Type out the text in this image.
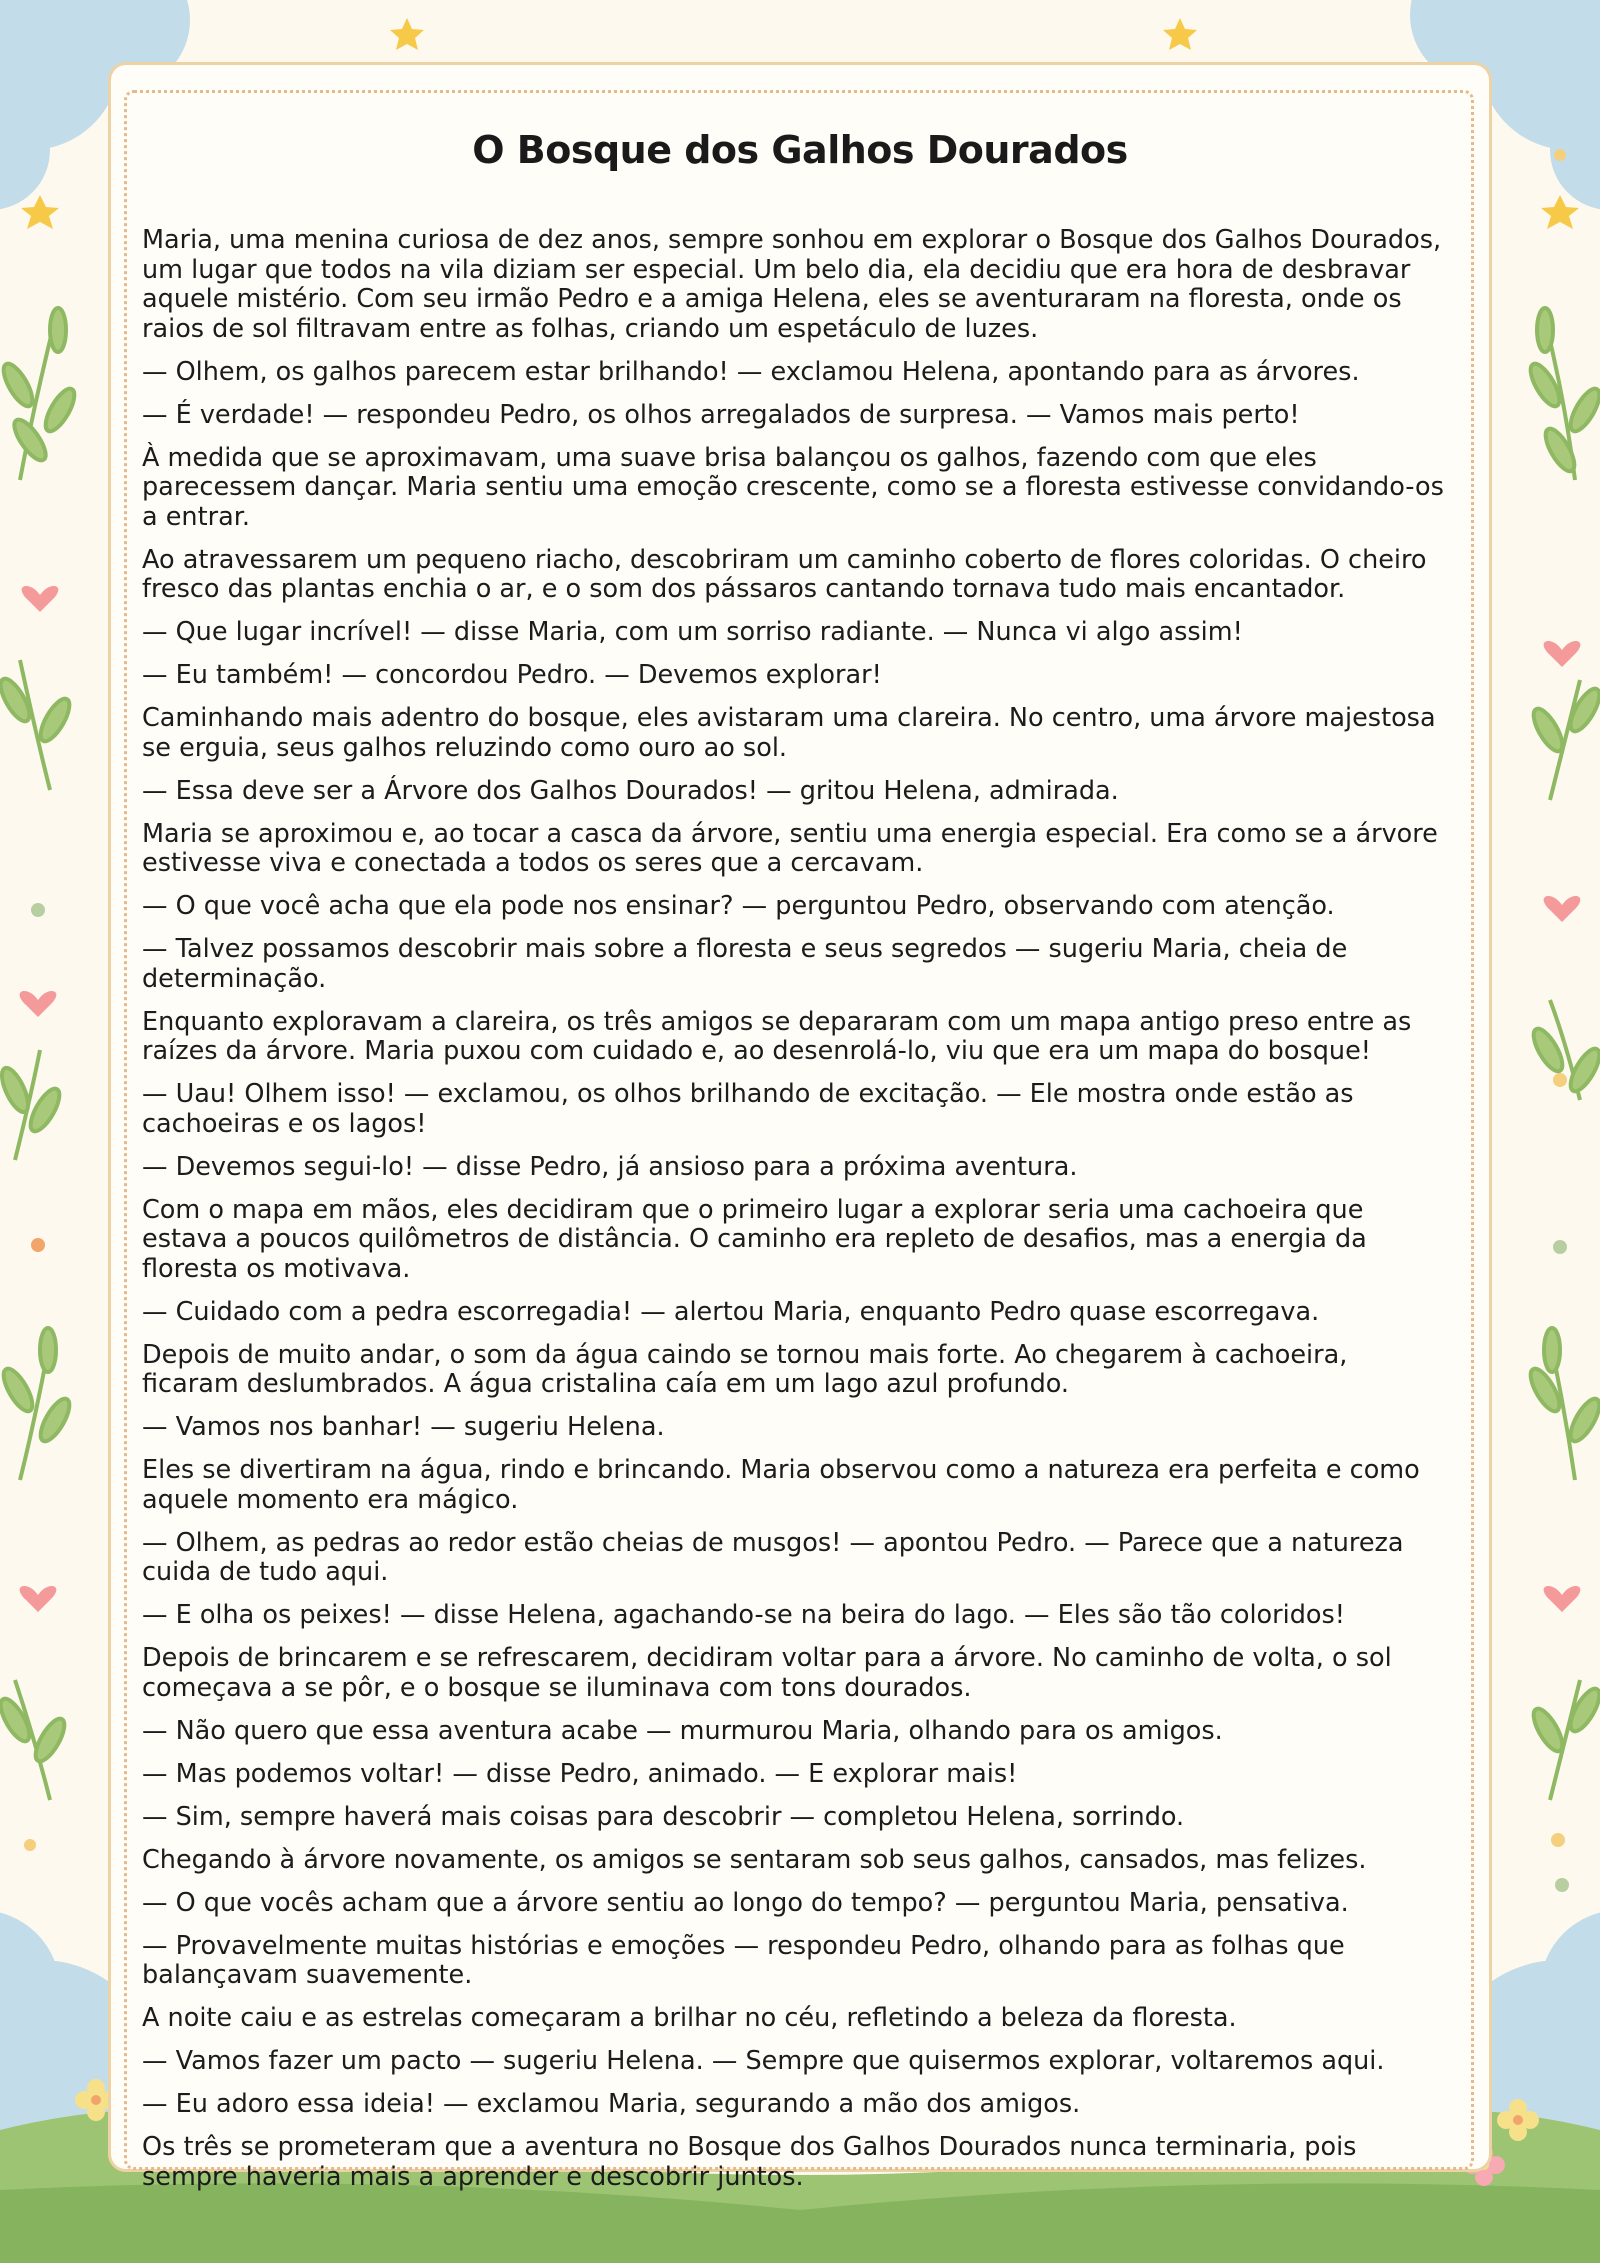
O Bosque dos Galhos Dourados

Maria, uma menina curiosa de dez anos, sempre sonhou em explorar o Bosque dos Galhos Dourados, um lugar que todos na vila diziam ser especial. Um belo dia, ela decidiu que era hora de desbravar aquele mistério. Com seu irmão Pedro e a amiga Helena, eles se aventuraram na floresta, onde os raios de sol filtravam entre as folhas, criando um espetáculo de luzes.

— Olhem, os galhos parecem estar brilhando! — exclamou Helena, apontando para as árvores.

— É verdade! — respondeu Pedro, os olhos arregalados de surpresa. — Vamos mais perto!

À medida que se aproximavam, uma suave brisa balançou os galhos, fazendo com que eles parecessem dançar. Maria sentiu uma emoção crescente, como se a floresta estivesse convidando-os a entrar.

Ao atravessarem um pequeno riacho, descobriram um caminho coberto de flores coloridas. O cheiro fresco das plantas enchia o ar, e o som dos pássaros cantando tornava tudo mais encantador.

— Que lugar incrível! — disse Maria, com um sorriso radiante. — Nunca vi algo assim!

— Eu também! — concordou Pedro. — Devemos explorar!

Caminhando mais adentro do bosque, eles avistaram uma clareira. No centro, uma árvore majestosa se erguia, seus galhos reluzindo como ouro ao sol.

— Essa deve ser a Árvore dos Galhos Dourados! — gritou Helena, admirada.

Maria se aproximou e, ao tocar a casca da árvore, sentiu uma energia especial. Era como se a árvore estivesse viva e conectada a todos os seres que a cercavam.

— O que você acha que ela pode nos ensinar? — perguntou Pedro, observando com atenção.

— Talvez possamos descobrir mais sobre a floresta e seus segredos — sugeriu Maria, cheia de determinação.

Enquanto exploravam a clareira, os três amigos se depararam com um mapa antigo preso entre as raízes da árvore. Maria puxou com cuidado e, ao desenrolá-lo, viu que era um mapa do bosque!

— Uau! Olhem isso! — exclamou, os olhos brilhando de excitação. — Ele mostra onde estão as cachoeiras e os lagos!

— Devemos segui-lo! — disse Pedro, já ansioso para a próxima aventura.

Com o mapa em mãos, eles decidiram que o primeiro lugar a explorar seria uma cachoeira que estava a poucos quilômetros de distância. O caminho era repleto de desafios, mas a energia da floresta os motivava.

— Cuidado com a pedra escorregadia! — alertou Maria, enquanto Pedro quase escorregava.

Depois de muito andar, o som da água caindo se tornou mais forte. Ao chegarem à cachoeira, ficaram deslumbrados. A água cristalina caía em um lago azul profundo.

— Vamos nos banhar! — sugeriu Helena.

Eles se divertiram na água, rindo e brincando. Maria observou como a natureza era perfeita e como aquele momento era mágico.

— Olhem, as pedras ao redor estão cheias de musgos! — apontou Pedro. — Parece que a natureza cuida de tudo aqui.

— E olha os peixes! — disse Helena, agachando-se na beira do lago. — Eles são tão coloridos!

Depois de brincarem e se refrescarem, decidiram voltar para a árvore. No caminho de volta, o sol começava a se pôr, e o bosque se iluminava com tons dourados.

— Não quero que essa aventura acabe — murmurou Maria, olhando para os amigos.

— Mas podemos voltar! — disse Pedro, animado. — E explorar mais!

— Sim, sempre haverá mais coisas para descobrir — completou Helena, sorrindo.

Chegando à árvore novamente, os amigos se sentaram sob seus galhos, cansados, mas felizes.

— O que vocês acham que a árvore sentiu ao longo do tempo? — perguntou Maria, pensativa.

— Provavelmente muitas histórias e emoções — respondeu Pedro, olhando para as folhas que balançavam suavemente.

A noite caiu e as estrelas começaram a brilhar no céu, refletindo a beleza da floresta.

— Vamos fazer um pacto — sugeriu Helena. — Sempre que quisermos explorar, voltaremos aqui.

— Eu adoro essa ideia! — exclamou Maria, segurando a mão dos amigos.

Os três se prometeram que a aventura no Bosque dos Galhos Dourados nunca terminaria, pois sempre haveria mais a aprender e descobrir juntos.
